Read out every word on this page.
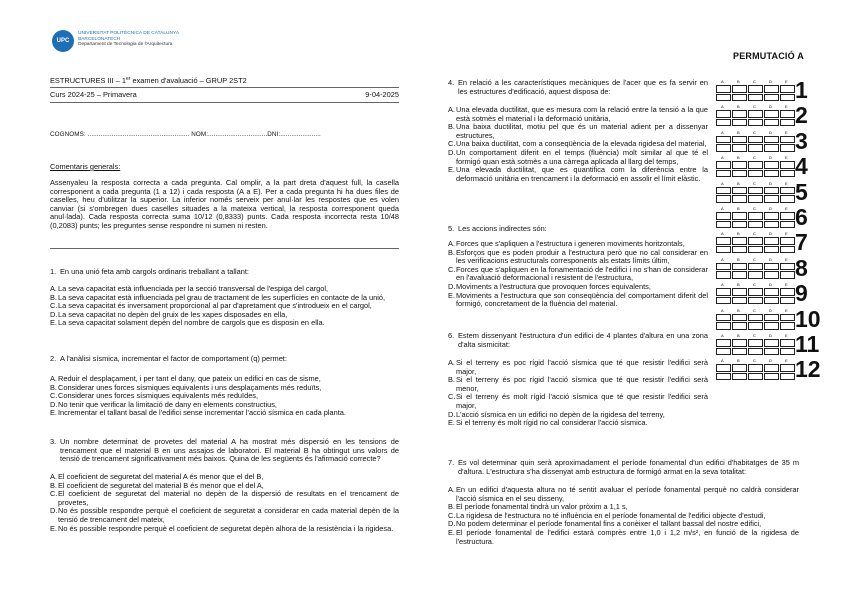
UPC
UNIVERSITAT POLITÈCNICA DE CATALUNYA
BARCELONATECH
Departament de Tecnologia de l'Arquitectura
PERMUTACIÓ A
ESTRUCTURES III – 1er examen d'avaluació – GRUP 2ST2
Curs 2024-25 – Primavera	9-04-2025
COGNOMS: ....................................................... NOM:................................DNI:......................
Comentaris generals:
Assenyaleu la resposta correcta a cada pregunta. Cal omplir, a la part dreta d'aquest full, la casella corresponent a cada pregunta (1 a 12) i cada resposta (A a E). Per a cada pregunta hi ha dues files de caselles, heu d'utilitzar la superior. La inferior només serveix per anul·lar les respostes que es volen canviar (si s'ombregen dues caselles situades a la mateixa vertical, la resposta corresponent queda anul·lada). Cada resposta correcta suma 10/12 (0,8333) punts. Cada resposta incorrecta resta 10/48 (0,2083) punts; les preguntes sense respondre ni sumen ni resten.
1. En una unió feta amb cargols ordinaris treballant a tallant:
A. La seva capacitat està influenciada per la secció transversal de l'espiga del cargol,
B. La seva capacitat està influenciada pel grau de tractament de les superfícies en contacte de la unió,
C. La seva capacitat és inversament proporcional al par d'apretament que s'introdueix en el cargol,
D. La seva capacitat no depèn del gruix de les xapes disposades en ella,
E. La seva capacitat solament depèn del nombre de cargols que es disposin en ella.
2. A l'anàlisi sísmica, incrementar el factor de comportament (q) permet:
A. Reduir el desplaçament, i per tant el dany, que pateix un edifici en cas de sisme,
B. Considerar unes forces sísmiques equivalents i uns desplaçaments més reduïts,
C. Considerar unes forces sísmiques equivalents més reduïdes,
D. No tenir que verificar la limitació de dany en elements constructius,
E. Incrementar el tallant basal de l'edifici sense incrementar l'acció sísmica en cada planta.
3. Un nombre determinat de provetes del material A ha mostrat més dispersió en les tensions de trencament que el material B en uns assajos de laboratori. El material B ha obtingut uns valors de tensió de trencament significativament més baixos. Quina de les següents és l'afirmació correcte?
A. El coeficient de seguretat del material A és menor que el del B,
B. El coeficient de seguretat del material B és menor que el del A,
C. El coeficient de seguretat del material no depèn de la dispersió de resultats en el trencament de provetes,
D. No és possible respondre perquè el coeficient de seguretat a considerar en cada material depèn de la tensió de trencament del mateix,
E. No és possible respondre perquè el coeficient de seguretat depèn alhora de la resistència i la rigidesa.
4. En relació a les característiques mecàniques de l'acer que es fa servir en les estructures d'edificació, aquest disposa de:
A. Una elevada ductilitat, que es mesura com la relació entre la tensió a la que està sotmès el material i la deformació unitària,
B. Una baixa ductilitat, motiu pel que és un material adient per a dissenyar estructures,
C. Una baixa ductilitat, com a conseqüència de la elevada rigidesa del material,
D. Un comportament diferit en el temps (fluència) molt similar al que té el formigó quan està sotmès a una càrrega aplicada al llarg del temps,
E. Una elevada ductilitat, que es quantifica com la diferència entre la deformació unitària en trencament i la deformació en assolir el límit elàstic.
5. Les accions indirectes són:
A. Forces que s'apliquen a l'estructura i generen moviments horitzontals,
B. Esforços que es poden produir a l'estructura però que no cal considerar en les verificacions estructurals corresponents als estats límits últim,
C. Forces que s'apliquen en la fonamentació de l'edifici i no s'han de considerar en l'avaluació deformacional i resistent de l'estructura,
D. Moviments a l'estructura que provoquen forces equivalents,
E. Moviments a l'estructura que son conseqüència del comportament diferit del formigó, concretament de la fluència del material.
6. Estem dissenyant l'estructura d'un edifici de 4 plantes d'altura en una zona d'alta sismicitat:
A. Si el terreny es poc rígid l'acció sísmica que té que resistir l'edifici serà major,
B. Si el terreny és poc rígid l'acció sísmica que té que resistir l'edifici serà menor,
C. Si el terreny és molt rígid l'acció sísmica que té que resistir l'edifici serà major,
D. L'acció sísmica en un edifici no depèn de la rigidesa del terreny,
E. Si el terreny és molt rígid no cal considerar l'acció sísmica.
7. Es vol determinar quin serà aproximadament el període fonamental d'un edifici d'habitatges de 35 m d'altura. L'estructura s'ha dissenyat amb estructura de formigó armat en la seva totalitat:
A. En un edifici d'aquesta altura no té sentit avaluar el període fonamental perquè no caldrà considerar l'acció sísmica en el seu disseny,
B. El període fonamental tindrà un valor pròxim a 1,1 s,
C. La rigidesa de l'estructura no té influència en el període fonamental de l'edifici objecte d'estudi,
D. No podem determinar el període fonamental fins a conèixer el tallant bassal del nostre edifici,
E. El període fonamental de l'edifici estarà comprès entre 1,0 i 1,2 m/s², en funció de la rigidesa de l'estructura.
A	B	C	D	E 1
A	B	C	D	E 2
A	B	C	D	E 3
A	B	C	D	E 4
A	B	C	D	E 5
A	B	C	D	E 6
A	B	C	D	E 7
A	B	C	D	E 8
A	B	C	D	E 9
A	B	C	D	E 10
A	B	C	D	E 11
A	B	C	D	E 12
